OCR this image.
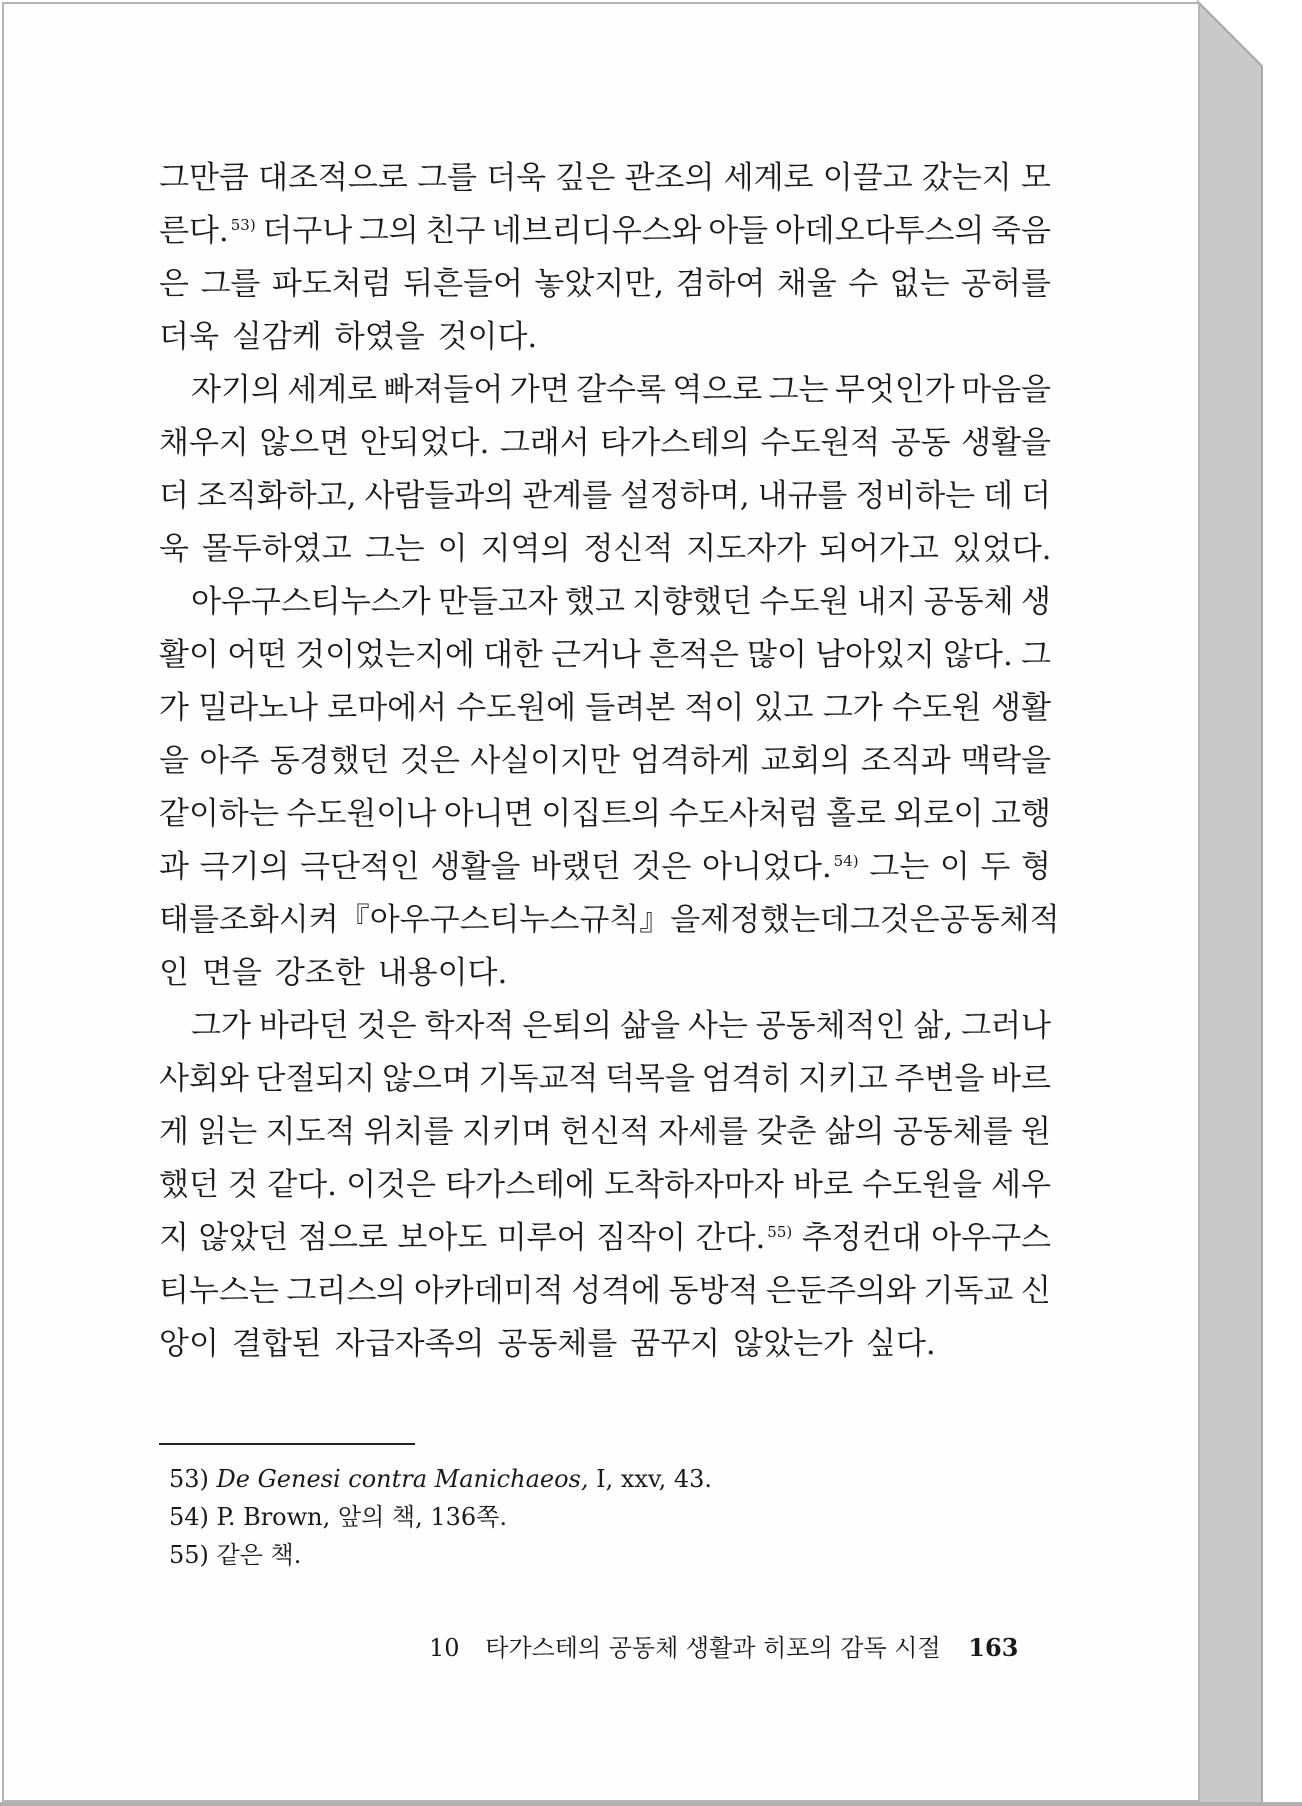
그만큼 대조적으로 그를 더욱 깊은 관조의 세계로 이끌고 갔는지 모
른다. $^{53)}$ 더구나 그의 친구 네브리디우스와 아들 아데오다투스의 죽음
은 그를 파도처럼 뒤흔들어 놓았지만, 겸하여 채울 수 없는 공허를
더욱 실감케 하였을 것이다.
자기의 세계로 빠져들어 가면 갈수록 역으로 그는 무엇인가 마음을
채우지 않으면 안되었다. 그래서 타가스테의 수도원적 공동 생활을
더 조직화하고, 사람들과의 관계를 설정하며, 내규를 정비하는 데 더
욱 몰두하였고 그는 이 지역의 정신적 지도자가 되어가고 있었다.
아우구스티누스가 만들고자 했고 지향했던 수도원 내지 공동체 생
활이 어떤 것이었는지에 대한 근거나 흔적은 많이 남아있지 않다. 그
가 밀라노나 로마에서 수도원에 들려본 적이 있고 그가 수도원 생활
을 아주 동경했던 것은 사실이지만 엄격하게 교회의 조직과 맥락을
같이하는 수도원이나 아니면 이집트의 수도사처럼 홀로 외로이 고행
과 극기의 극단적인 생활을 바랬던 것은 아니었다. $^{54)}$ 그는 이 두 형
태를 조화시켜 『아우구스티누스 규칙』을 제정했는데 그것은 공동체적
인 면을 강조한 내용이다.
그가 바라던 것은 학자적 은퇴의 삶을 사는 공동체적인 삶, 그러나
사회와 단절되지 않으며 기독교적 덕목을 엄격히 지키고 주변을 바르
게 읽는 지도적 위치를 지키며 헌신적 자세를 갖춘 삶의 공동체를 원
했던 것 같다. 이것은 타가스테에 도착하자마자 바로 수도원을 세우
지 않았던 점으로 보아도 미루어 짐작이 간다. $^{55)}$ 추정컨대 아우구스
티누스는 그리스의 아카데미적 성격에 동방적 은둔주의와 기독교 신
앙이 결합된 자급자족의 공동체를 꿈꾸지 않았는가 싶다.
53) De Genesi contra Manichaeos, Ⅰ, xxv, 43.
54) P. Brown, 앞의 책, 136쪽.
55) 같은 책.
10 타가스테의 공동체 생활과 히포의 감독 시절 163
